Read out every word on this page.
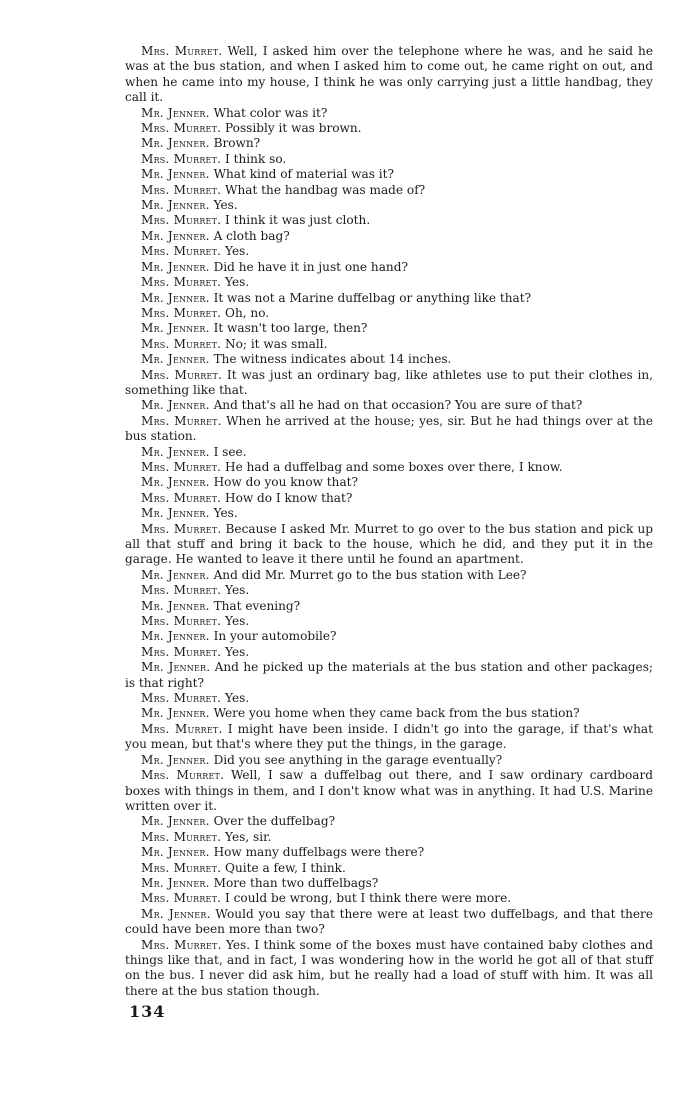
Mrs. Murret. Well, I asked him over the telephone where he was, and he said he was at the bus station, and when I asked him to come out, he came right on out, and when he came into my house, I think he was only carrying just a little handbag, they call it.

Mr. Jenner. What color was it?

Mrs. Murret. Possibly it was brown.

Mr. Jenner. Brown?

Mrs. Murret. I think so.

Mr. Jenner. What kind of material was it?

Mrs. Murret. What the handbag was made of?

Mr. Jenner. Yes.

Mrs. Murret. I think it was just cloth.

Mr. Jenner. A cloth bag?

Mrs. Murret. Yes.

Mr. Jenner. Did he have it in just one hand?

Mrs. Murret. Yes.

Mr. Jenner. It was not a Marine duffelbag or anything like that?

Mrs. Murret. Oh, no.

Mr. Jenner. It wasn't too large, then?

Mrs. Murret. No; it was small.

Mr. Jenner. The witness indicates about 14 inches.

Mrs. Murret. It was just an ordinary bag, like athletes use to put their clothes in, something like that.

Mr. Jenner. And that's all he had on that occasion? You are sure of that?

Mrs. Murret. When he arrived at the house; yes, sir. But he had things over at the bus station.

Mr. Jenner. I see.

Mrs. Murret. He had a duffelbag and some boxes over there, I know.

Mr. Jenner. How do you know that?

Mrs. Murret. How do I know that?

Mr. Jenner. Yes.

Mrs. Murret. Because I asked Mr. Murret to go over to the bus station and pick up all that stuff and bring it back to the house, which he did, and they put it in the garage. He wanted to leave it there until he found an apartment.

Mr. Jenner. And did Mr. Murret go to the bus station with Lee?

Mrs. Murret. Yes.

Mr. Jenner. That evening?

Mrs. Murret. Yes.

Mr. Jenner. In your automobile?

Mrs. Murret. Yes.

Mr. Jenner. And he picked up the materials at the bus station and other packages; is that right?

Mrs. Murret. Yes.

Mr. Jenner. Were you home when they came back from the bus station?

Mrs. Murret. I might have been inside. I didn't go into the garage, if that's what you mean, but that's where they put the things, in the garage.

Mr. Jenner. Did you see anything in the garage eventually?

Mrs. Murret. Well, I saw a duffelbag out there, and I saw ordinary cardboard boxes with things in them, and I don't know what was in anything. It had U.S. Marine written over it.

Mr. Jenner. Over the duffelbag?

Mrs. Murret. Yes, sir.

Mr. Jenner. How many duffelbags were there?

Mrs. Murret. Quite a few, I think.

Mr. Jenner. More than two duffelbags?

Mrs. Murret. I could be wrong, but I think there were more.

Mr. Jenner. Would you say that there were at least two duffelbags, and that there could have been more than two?

Mrs. Murret. Yes. I think some of the boxes must have contained baby clothes and things like that, and in fact, I was wondering how in the world he got all of that stuff on the bus. I never did ask him, but he really had a load of stuff with him. It was all there at the bus station though.

134
